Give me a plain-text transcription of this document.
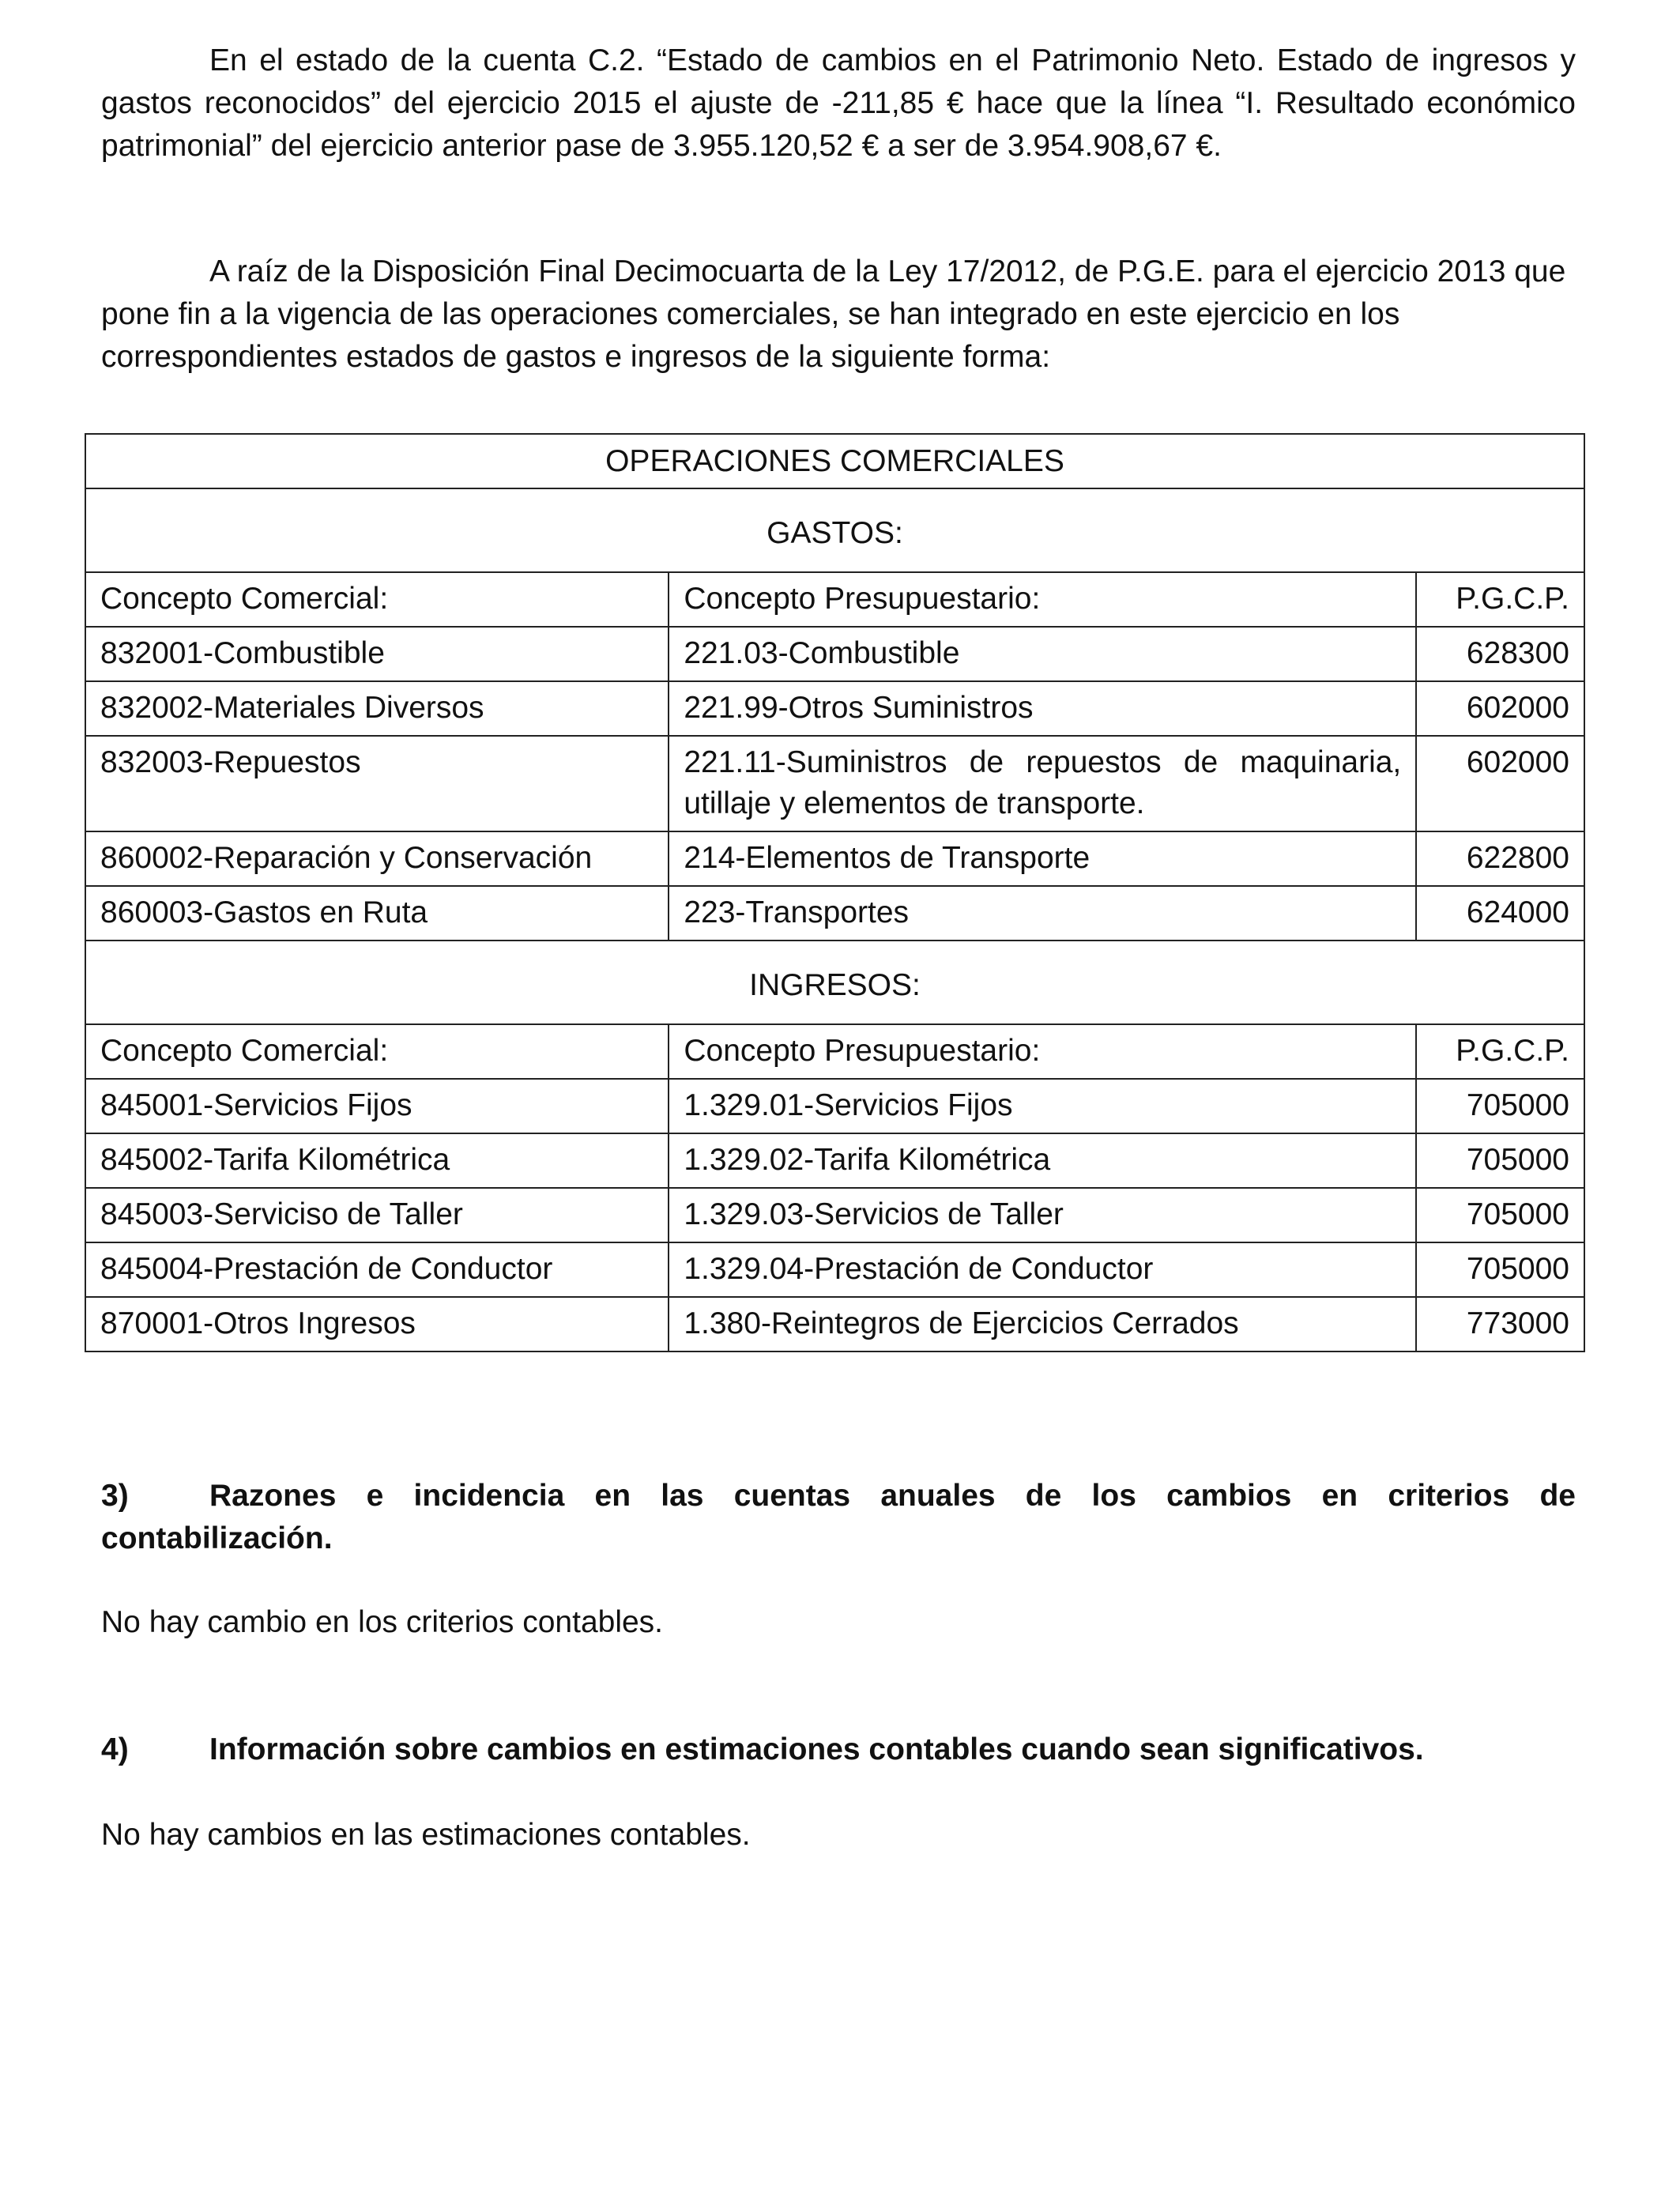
En el estado de la cuenta C.2. “Estado de cambios en el Patrimonio Neto. Estado de ingresos y gastos reconocidos” del ejercicio 2015 el ajuste de -211,85 € hace que la línea “I. Resultado económico patrimonial” del ejercicio anterior pase de 3.955.120,52 € a ser de 3.954.908,67 €.

A raíz de la Disposición Final Decimocuarta de la Ley 17/2012, de P.G.E. para el ejercicio 2013 que pone fin a la vigencia de las operaciones comerciales, se han integrado en este ejercicio en los correspondientes estados de gastos e ingresos de la siguiente forma:

OPERACIONES COMERCIALES		
GASTOS:		
Concepto Comercial:	Concepto Presupuestario:	P.G.C.P.
832001-Combustible	221.03-Combustible	628300
832002-Materiales Diversos	221.99-Otros Suministros	602000
832003-Repuestos	221.11-Suministros de repuestos de maquinaria, utillaje y elementos de transporte.	602000
860002-Reparación y Conservación	214-Elementos de Transporte	622800
860003-Gastos en Ruta	223-Transportes	624000
INGRESOS:		
Concepto Comercial:	Concepto Presupuestario:	P.G.C.P.
845001-Servicios Fijos	1.329.01-Servicios Fijos	705000
845002-Tarifa Kilométrica	1.329.02-Tarifa Kilométrica	705000
845003-Serviciso de Taller	1.329.03-Servicios de Taller	705000
845004-Prestación de Conductor	1.329.04-Prestación de Conductor	705000
870001-Otros Ingresos	1.380-Reintegros de Ejercicios Cerrados	773000

3)	Razones e incidencia en las cuentas anuales de los cambios en criterios de contabilización.

No hay cambio en los criterios contables.

4)	Información sobre cambios en estimaciones contables cuando sean significativos.

No hay cambios en las estimaciones contables.
